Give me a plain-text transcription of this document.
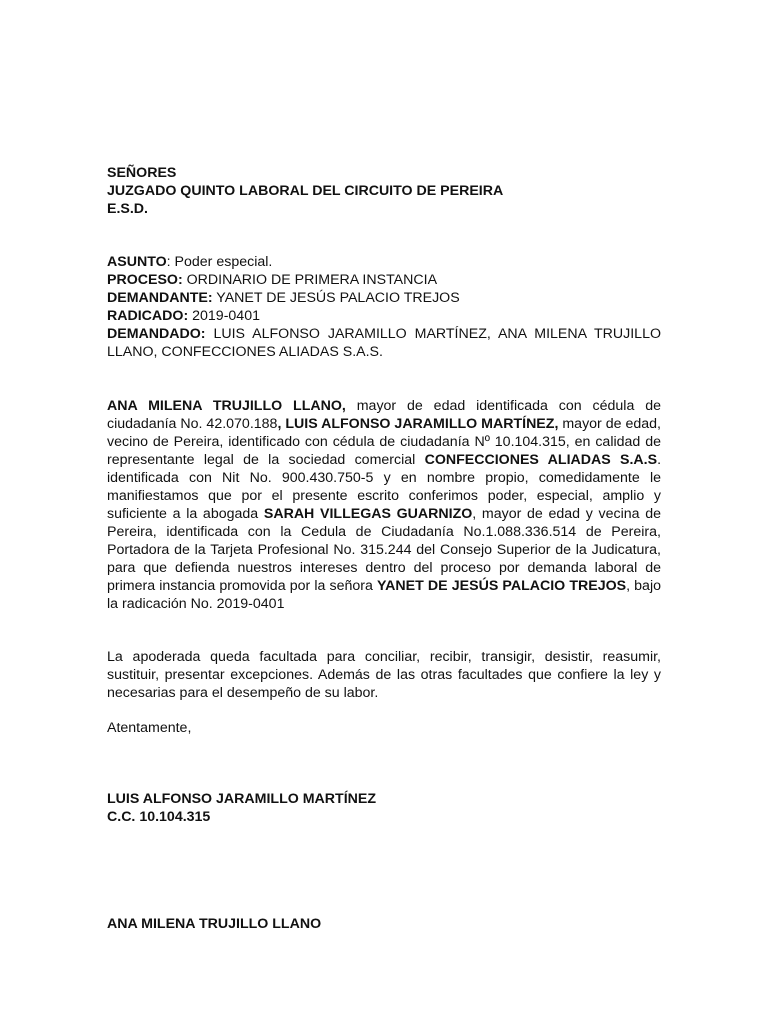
SEÑORES
JUZGADO QUINTO LABORAL DEL CIRCUITO DE PEREIRA
E.S.D.
ASUNTO: Poder especial.
PROCESO: ORDINARIO DE PRIMERA INSTANCIA
DEMANDANTE: YANET DE JESÚS PALACIO TREJOS
RADICADO: 2019-0401
DEMANDADO: LUIS ALFONSO JARAMILLO MARTÍNEZ, ANA MILENA TRUJILLO LLANO, CONFECCIONES ALIADAS S.A.S.
ANA MILENA TRUJILLO LLANO, mayor de edad identificada con cédula de ciudadanía No. 42.070.188, LUIS ALFONSO JARAMILLO MARTÍNEZ, mayor de edad, vecino de Pereira, identificado con cédula de ciudadanía Nº 10.104.315, en calidad de representante legal de la sociedad comercial CONFECCIONES ALIADAS S.A.S. identificada con Nit No. 900.430.750-5 y en nombre propio, comedidamente le manifiestamos que por el presente escrito conferimos poder, especial, amplio y suficiente a la abogada SARAH VILLEGAS GUARNIZO, mayor de edad y vecina de Pereira, identificada con la Cedula de Ciudadanía No.1.088.336.514 de Pereira, Portadora de la Tarjeta Profesional No. 315.244 del Consejo Superior de la Judicatura, para que defienda nuestros intereses dentro del proceso por demanda laboral de primera instancia promovida por la señora YANET DE JESÚS PALACIO TREJOS, bajo la radicación No. 2019-0401
La apoderada queda facultada para conciliar, recibir, transigir, desistir, reasumir, sustituir, presentar excepciones. Además de las otras facultades que confiere la ley y necesarias para el desempeño de su labor.
Atentamente,
LUIS ALFONSO JARAMILLO MARTÍNEZ
C.C. 10.104.315
ANA MILENA TRUJILLO LLANO
